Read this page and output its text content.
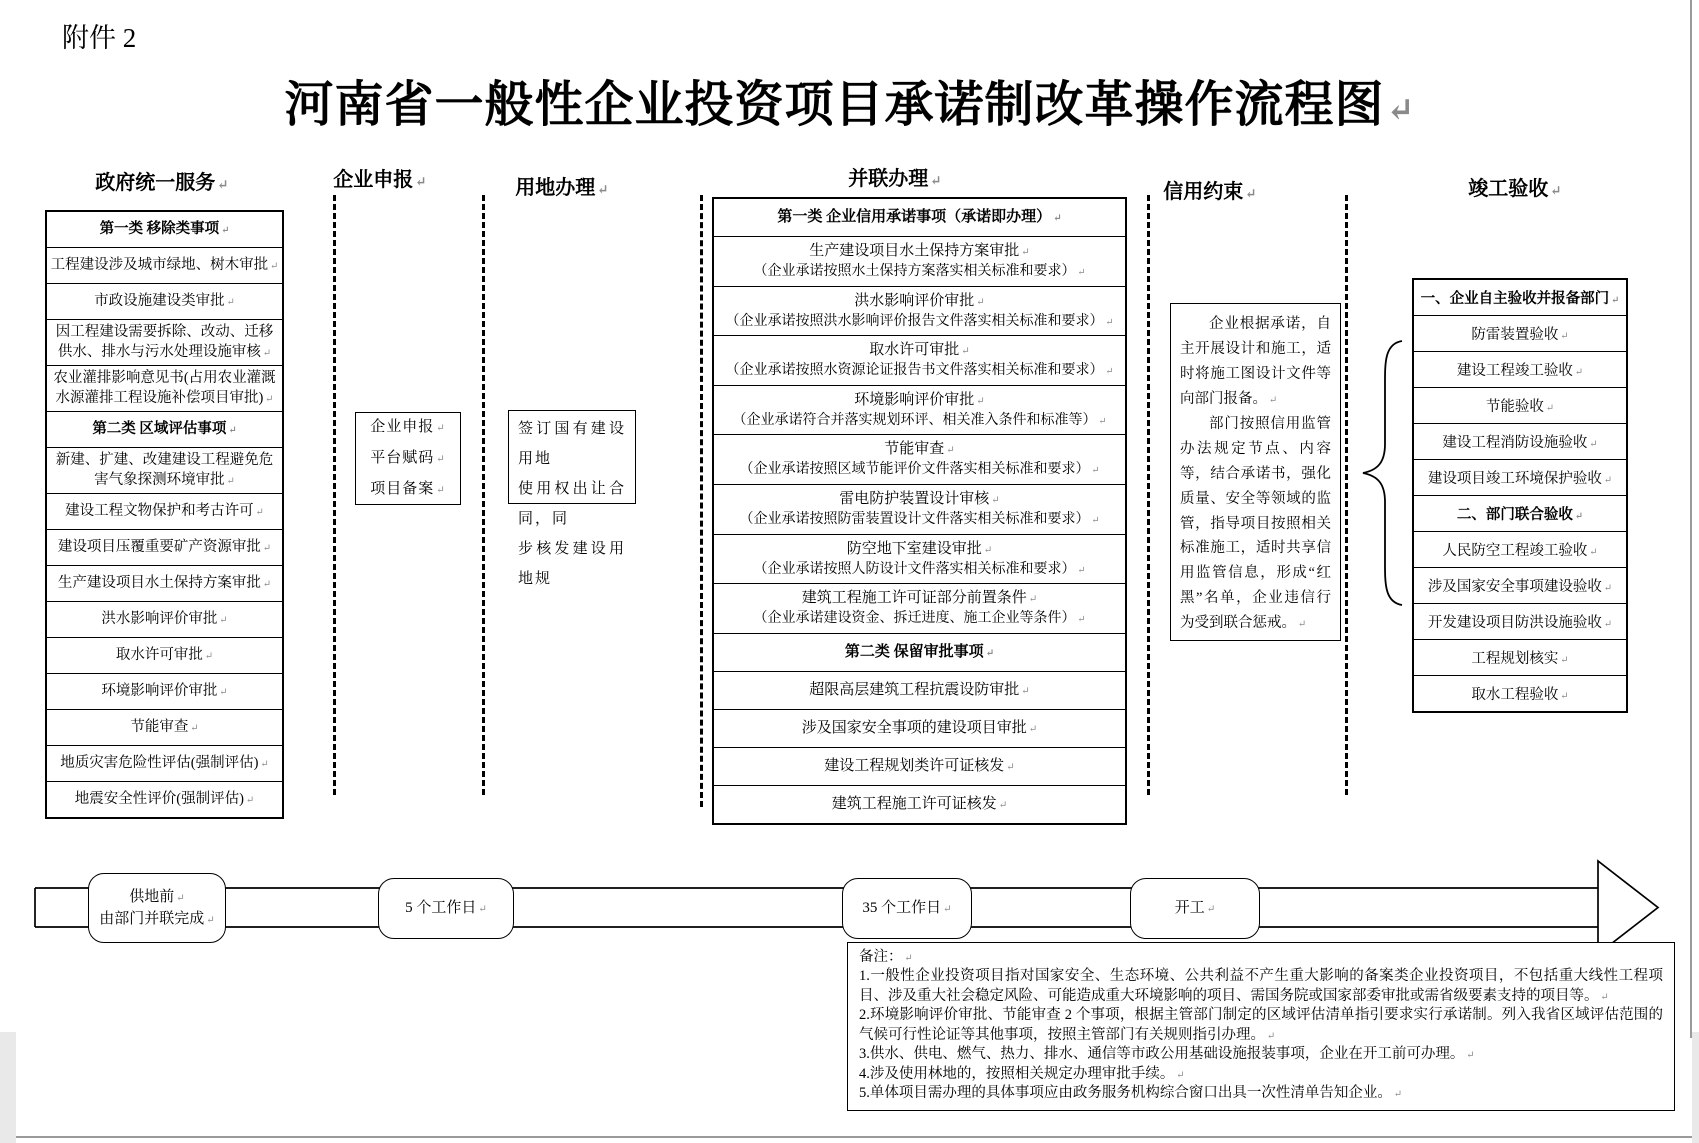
附件 2
河南省一般性企业投资项目承诺制改革操作流程图 ↵
政府统一服务 ↵	企业申报 ↵	用地办理 ↵	并联办理 ↵
信用约束 ↵	竣工验收 ↵
第一类 移除类事项 ↵
工程建设涉及城市绿地、树木审批 ↵
市政设施建设类审批 ↵
因工程建设需要拆除、改动、迁移供水、排水与污水处理设施审核 ↵
农业灌排影响意见书(占用农业灌溉水源灌排工程设施补偿项目审批) ↵
第二类 区域评估事项 ↵
新建、扩建、改建建设工程避免危害气象探测环境审批 ↵
建设工程文物保护和考古许可 ↵
建设项目压覆重要矿产资源审批 ↵
生产建设项目水土保持方案审批 ↵
洪水影响评价审批 ↵
取水许可审批 ↵
环境影响评价审批 ↵
节能审查 ↵
地质灾害危险性评估(强制评估) ↵
地震安全性评价(强制评估) ↵
企业申报 ↵
平台赋码 ↵
项目备案 ↵
签订国有建设用地
使用权出让合同，同
步核发建设用地规
第一类 企业信用承诺事项（承诺即办理） ↵
生产建设项目水土保持方案审批 ↵
（企业承诺按照水土保持方案落实相关标准和要求） ↵
洪水影响评价审批 ↵
（企业承诺按照洪水影响评价报告文件落实相关标准和要求） ↵
取水许可审批 ↵
（企业承诺按照水资源论证报告书文件落实相关标准和要求） ↵
环境影响评价审批 ↵
（企业承诺符合并落实规划环评、相关准入条件和标准等） ↵
节能审查 ↵
（企业承诺按照区域节能评价文件落实相关标准和要求） ↵
雷电防护装置设计审核 ↵
（企业承诺按照防雷装置设计文件落实相关标准和要求） ↵
防空地下室建设审批 ↵
（企业承诺按照人防设计文件落实相关标准和要求） ↵
建筑工程施工许可证部分前置条件 ↵
（企业承诺建设资金、拆迁进度、施工企业等条件） ↵
第二类 保留审批事项 ↵
超限高层建筑工程抗震设防审批 ↵
涉及国家安全事项的建设项目审批 ↵
建设工程规划类许可证核发 ↵
建筑工程施工许可证核发 ↵
企业根据承诺，自主开展设计和施工，适时将施工图设计文件等向部门报备。 ↵
部门按照信用监管办法规定节点、内容等，结合承诺书，强化质量、安全等领域的监管，指导项目按照相关标准施工，适时共享信用监管信息，形成“红黑”名单，企业违信行为受到联合惩戒。 ↵
一、企业自主验收并报备部门 ↵
防雷装置验收 ↵
建设工程竣工验收 ↵
节能验收 ↵
建设工程消防设施验收 ↵
建设项目竣工环境保护验收 ↵
二、部门联合验收 ↵
人民防空工程竣工验收 ↵
涉及国家安全事项建设验收 ↵
开发建设项目防洪设施验收 ↵
工程规划核实 ↵
取水工程验收 ↵
供地前 ↵
由部门并联完成 ↵
5 个工作日 ↵	35 个工作日 ↵	开工 ↵
备注： ↵
1.一般性企业投资项目指对国家安全、生态环境、公共利益不产生重大影响的备案类企业投资项目，不包括重大线性工程项目、涉及重大社会稳定风险、可能造成重大环境影响的项目、需国务院或国家部委审批或需省级要素支持的项目等。 ↵
2.环境影响评价审批、节能审查 2 个事项，根据主管部门制定的区域评估清单指引要求实行承诺制。列入我省区域评估范围的气候可行性论证等其他事项，按照主管部门有关规则指引办理。 ↵
3.供水、供电、燃气、热力、排水、通信等市政公用基础设施报装事项，企业在开工前可办理。 ↵
4.涉及使用林地的，按照相关规定办理审批手续。 ↵
5.单体项目需办理的具体事项应由政务服务机构综合窗口出具一次性清单告知企业。 ↵
